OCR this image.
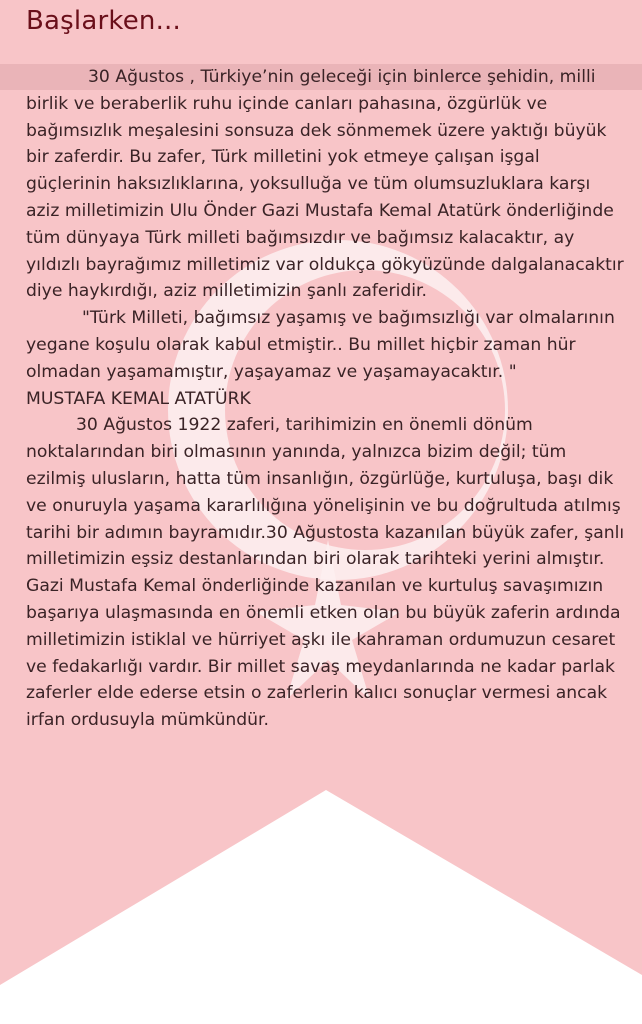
Başlarken...

30 Ağustos , Türkiye’nin geleceği için binlerce şehidin, milli birlik ve beraberlik ruhu içinde canları pahasına, özgürlük ve bağımsızlık meşalesini sonsuza dek sönmemek üzere yaktığı büyük bir zaferdir. Bu zafer, Türk milletini yok etmeye çalışan işgal güçlerinin haksızlıklarına, yoksulluğa ve tüm olumsuzluklara karşı aziz milletimizin Ulu Önder Gazi Mustafa Kemal Atatürk önderliğinde tüm dünyaya Türk milleti bağımsızdır ve bağımsız kalacaktır, ay yıldızlı bayrağımız milletimiz var oldukça gökyüzünde dalgalanacaktır diye haykırdığı, aziz milletimizin şanlı zaferidir.

"Türk Milleti, bağımsız yaşamış ve bağımsızlığı var olmalarının yegane koşulu olarak kabul etmiştir.. Bu millet hiçbir zaman hür olmadan yaşamamıştır, yaşayamaz ve yaşamayacaktır. "

MUSTAFA KEMAL ATATÜRK

30 Ağustos 1922 zaferi, tarihimizin en önemli dönüm noktalarından biri olmasının yanında, yalnızca bizim değil; tüm ezilmiş ulusların, hatta tüm insanlığın, özgürlüğe, kurtuluşa, başı dik ve onuruyla yaşama kararlılığına yönelişinin ve bu doğrultuda atılmış tarihi bir adımın bayramıdır.30 Ağustosta kazanılan büyük zafer, şanlı milletimizin eşsiz destanlarından biri olarak tarihteki yerini almıştır. Gazi Mustafa Kemal önderliğinde kazanılan ve kurtuluş savaşımızın başarıya ulaşmasında en önemli etken olan bu büyük zaferin ardında milletimizin istiklal ve hürriyet aşkı ile kahraman ordumuzun cesaret ve fedakarlığı vardır. Bir millet savaş meydanlarında ne kadar parlak zaferler elde ederse etsin o zaferlerin kalıcı sonuçlar vermesi ancak irfan ordusuyla mümkündür.
